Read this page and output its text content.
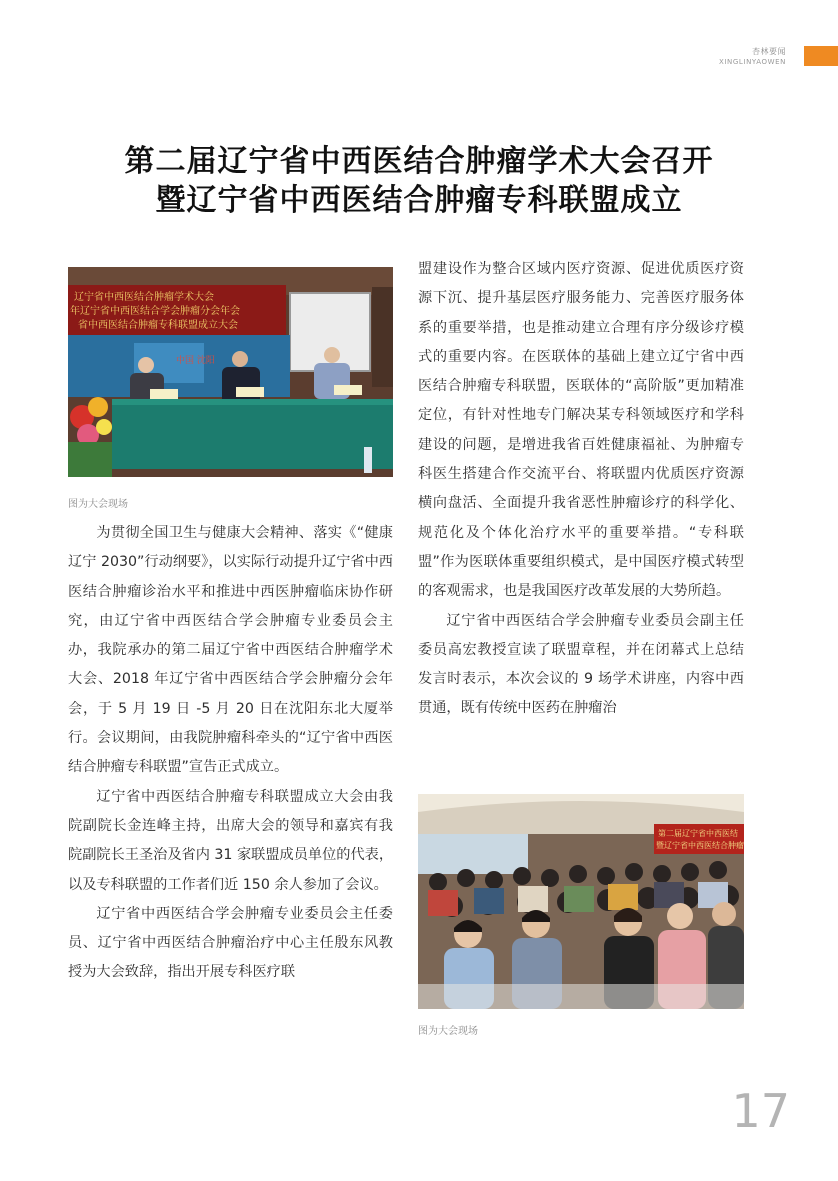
杏林要闻
XINGLINYAOWEN
第二届辽宁省中西医结合肿瘤学术大会召开
暨辽宁省中西医结合肿瘤专科联盟成立
辽宁省中西医结合肿瘤学术大会
年辽宁省中西医结合学会肿瘤分会年会
省中西医结合肿瘤专科联盟成立大会
中国 沈阳
图为大会现场

为贯彻全国卫生与健康大会精神、落实《“健康辽宁 2030”行动纲要》，以实际行动提升辽宁省中西医结合肿瘤诊治水平和推进中西医肿瘤临床协作研究，由辽宁省中西医结合学会肿瘤专业委员会主办，我院承办的第二届辽宁省中西医结合肿瘤学术大会、2018 年辽宁省中西医结合学会肿瘤分会年会，于 5 月 19 日 -5 月 20 日在沈阳东北大厦举行。会议期间，由我院肿瘤科牵头的“辽宁省中西医结合肿瘤专科联盟”宣告正式成立。

辽宁省中西医结合肿瘤专科联盟成立大会由我院副院长金连峰主持，出席大会的领导和嘉宾有我院副院长王圣治及省内 31 家联盟成员单位的代表，以及专科联盟的工作者们近 150 余人参加了会议。

辽宁省中西医结合学会肿瘤专业委员会主任委员、辽宁省中西医结合肿瘤治疗中心主任殷东风教授为大会致辞，指出开展专科医疗联

盟建设作为整合区域内医疗资源、促进优质医疗资源下沉、提升基层医疗服务能力、完善医疗服务体系的重要举措，也是推动建立合理有序分级诊疗模式的重要内容。在医联体的基础上建立辽宁省中西医结合肿瘤专科联盟，医联体的“高阶版”更加精准定位，有针对性地专门解决某专科领域医疗和学科建设的问题，是增进我省百姓健康福祉、为肿瘤专科医生搭建合作交流平台、将联盟内优质医疗资源横向盘活、全面提升我省恶性肿瘤诊疗的科学化、规范化及个体化治疗水平的重要举措。“专科联盟”作为医联体重要组织模式，是中国医疗模式转型的客观需求，也是我国医疗改革发展的大势所趋。

辽宁省中西医结合学会肿瘤专业委员会副主任委员高宏教授宣读了联盟章程，并在闭幕式上总结发言时表示，本次会议的 9 场学术讲座，内容中西贯通，既有传统中医药在肿瘤治

第二届辽宁省中西医结
暨辽宁省中西医结合肿瘤
图为大会现场
17
